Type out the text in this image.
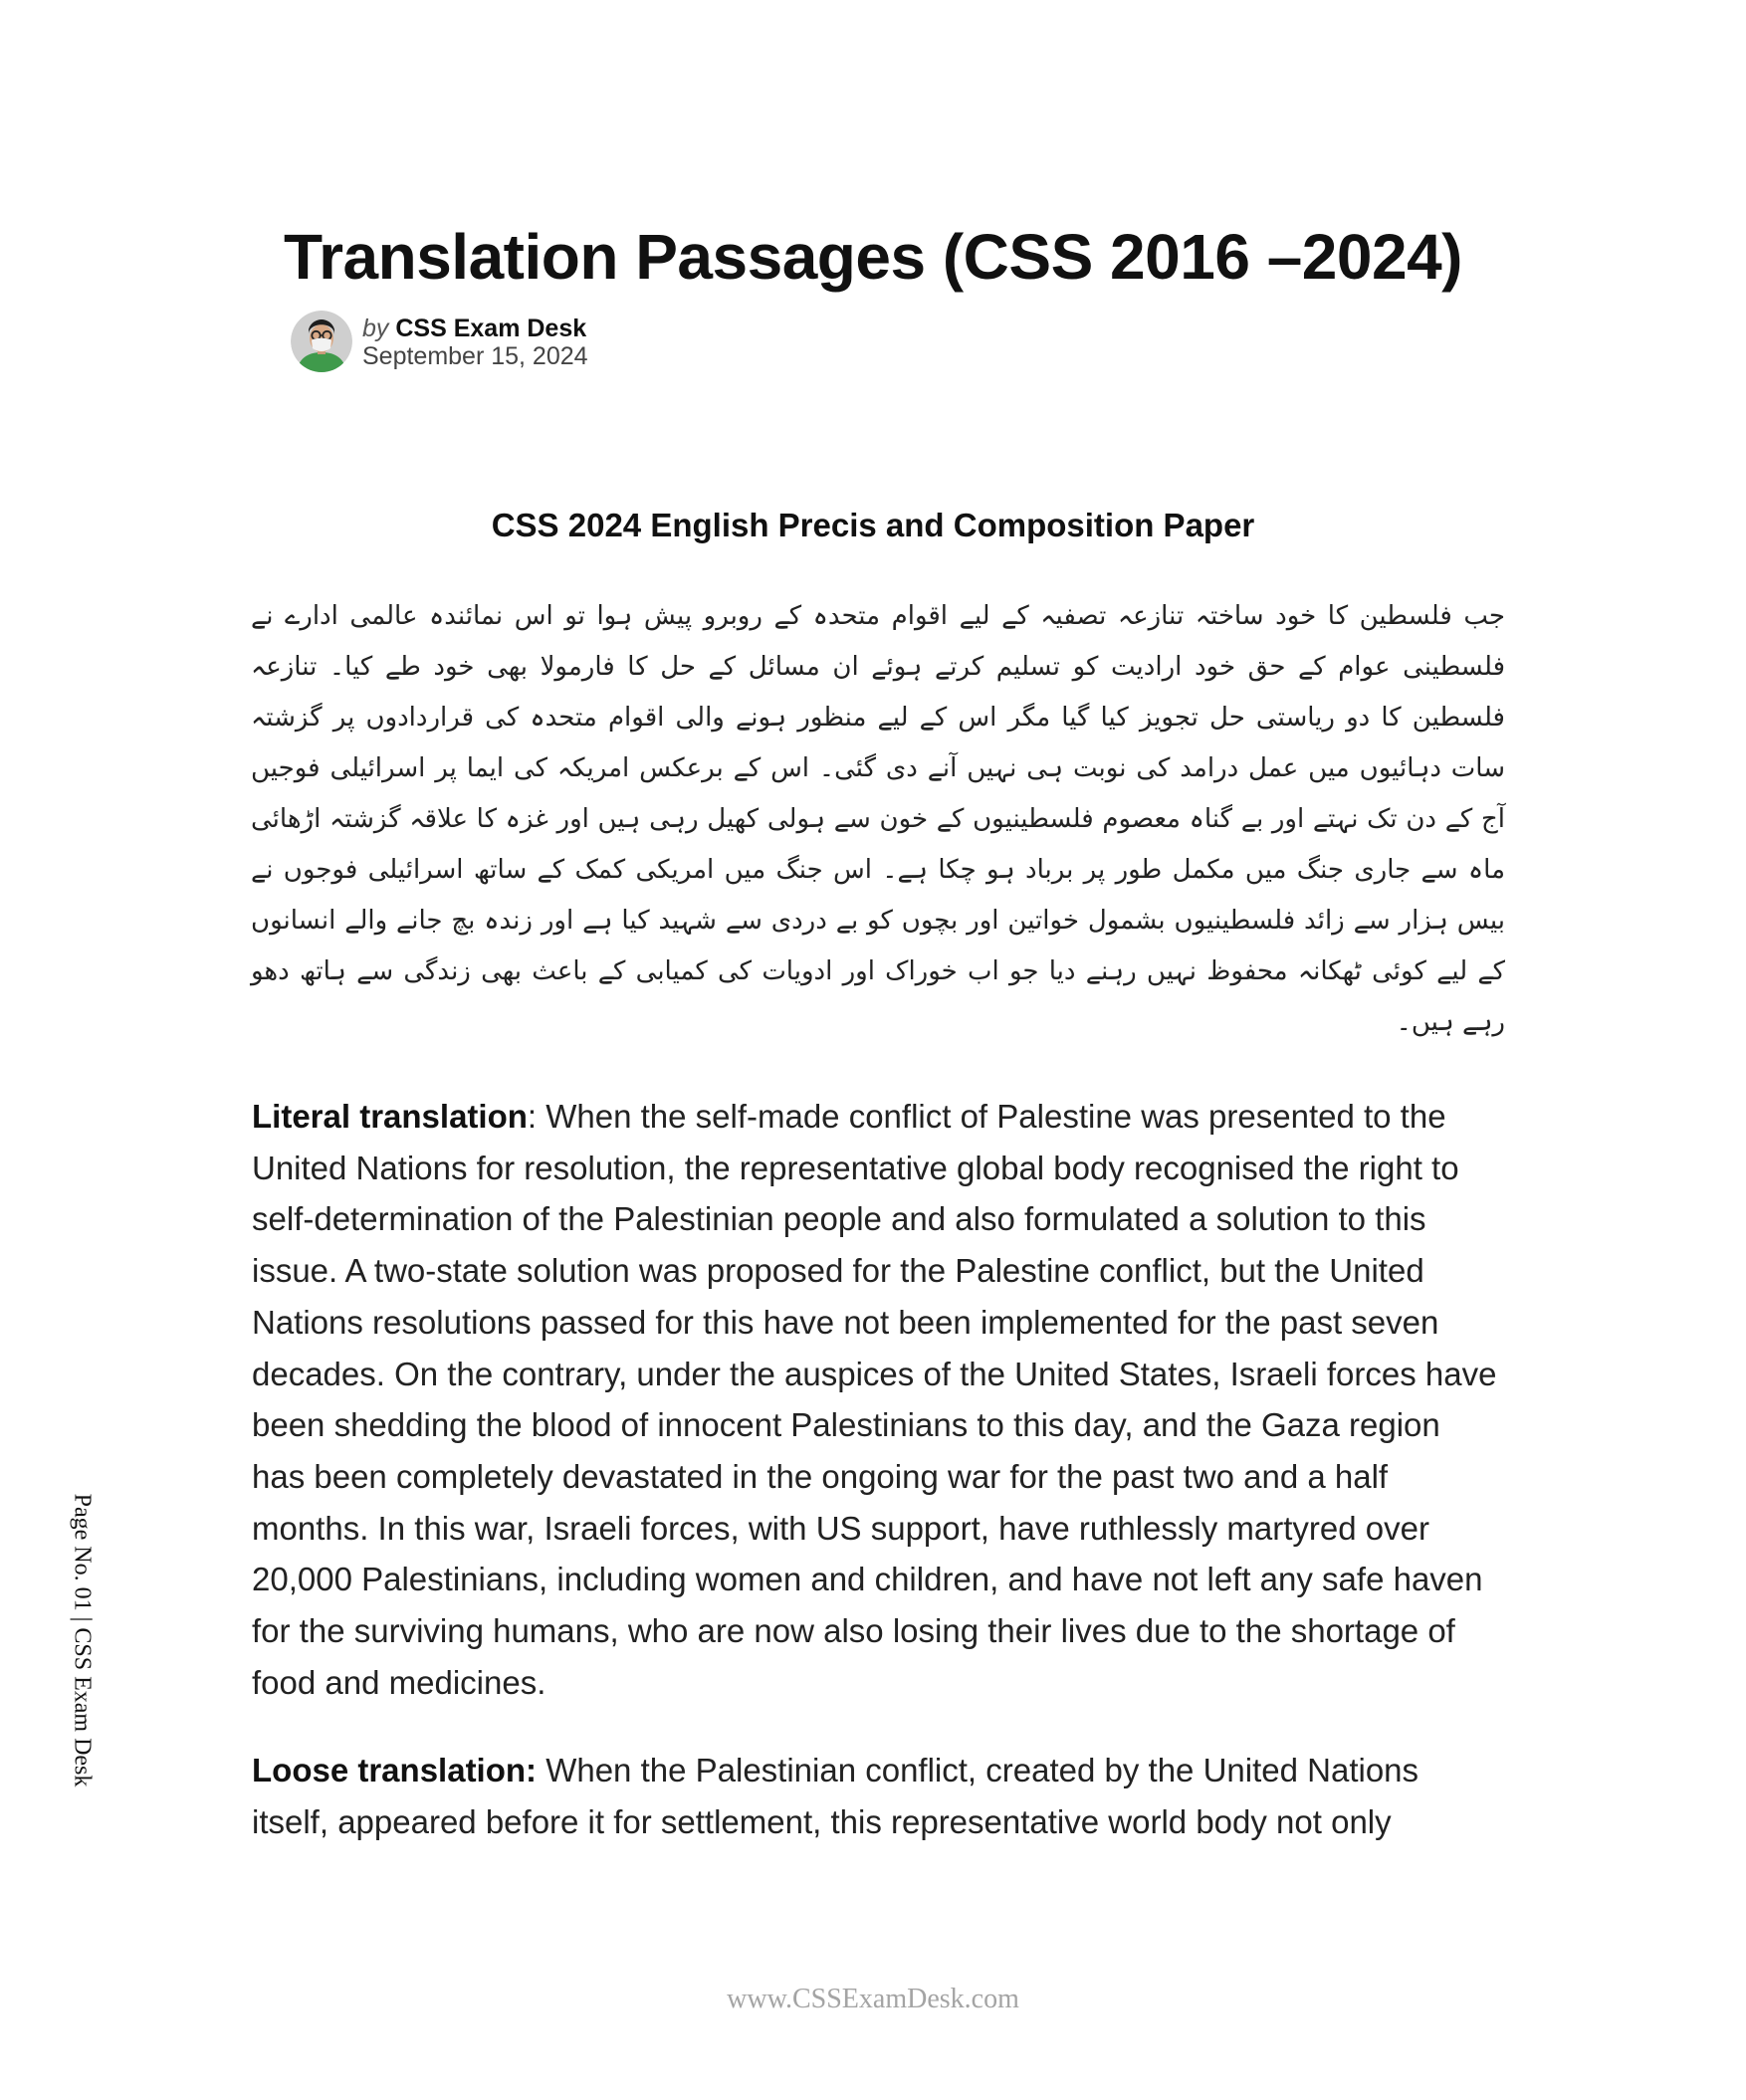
Translation Passages (CSS 2016 –2024)
by CSS Exam Desk
September 15, 2024
CSS 2024 English Precis and Composition Paper

جب فلسطین کا خود ساختہ تنازعہ تصفیہ کے لیے اقوام متحدہ کے روبرو پیش ہوا تو اس نمائندہ عالمی ادارے نے فلسطینی عوام کے حق خود ارادیت کو تسلیم کرتے ہوئے ان مسائل کے حل کا فارمولا بھی خود طے کیا۔ تنازعہ فلسطین کا دو ریاستی حل تجویز کیا گیا مگر اس کے لیے منظور ہونے والی اقوام متحدہ کی قراردادوں پر گزشتہ سات دہائیوں میں عمل درامد کی نوبت ہی نہیں آنے دی گئی۔ اس کے برعکس امریکہ کی ایما پر اسرائیلی فوجیں آج کے دن تک نہتے اور بے گناہ معصوم فلسطینیوں کے خون سے ہولی کھیل رہی ہیں اور غزہ کا علاقہ گزشتہ اڑھائی ماہ سے جاری جنگ میں مکمل طور پر برباد ہو چکا ہے۔ اس جنگ میں امریکی کمک کے ساتھ اسرائیلی فوجوں نے بیس ہزار سے زائد فلسطینیوں بشمول خواتین اور بچوں کو بے دردی سے شہید کیا ہے اور زندہ بچ جانے والے انسانوں کے لیے کوئی ٹھکانہ محفوظ نہیں رہنے دیا جو اب خوراک اور ادویات کی کمیابی کے باعث بھی زندگی سے ہاتھ دھو رہے ہیں۔

Literal translation: When the self-made conflict of Palestine was presented to the United Nations for resolution, the representative global body recognised the right to self-determination of the Palestinian people and also formulated a solution to this issue. A two-state solution was proposed for the Palestine conflict, but the United Nations resolutions passed for this have not been implemented for the past seven decades. On the contrary, under the auspices of the United States, Israeli forces have been shedding the blood of innocent Palestinians to this day, and the Gaza region has been completely devastated in the ongoing war for the past two and a half months. In this war, Israeli forces, with US support, have ruthlessly martyred over 20,000 Palestinians, including women and children, and have not left any safe haven for the surviving humans, who are now also losing their lives due to the shortage of food and medicines.

Loose translation: When the Palestinian conflict, created by the United Nations itself, appeared before it for settlement, this representative world body not only

Page No. 01 | CSS Exam Desk
www.CSSExamDesk.com
